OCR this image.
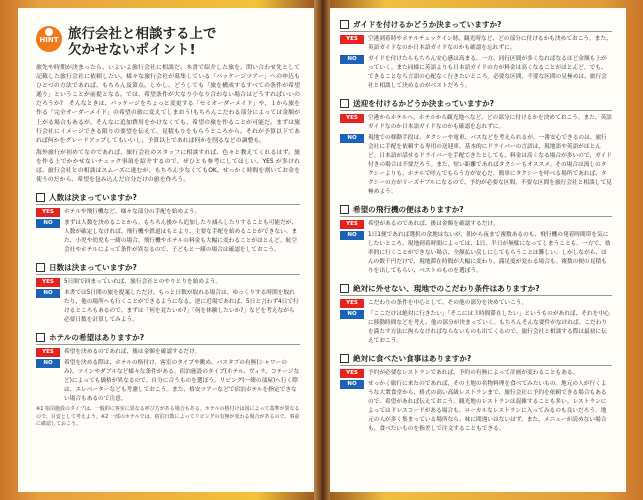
HINT 旅行会社と相談する上で
欠かせないポイント!

旅先や時期が決まったら、いよいよ旅行会社に相談だ。本書で紹介した旅を、問い合わせ先として記載した旅行会社に依頼したい。様々な旅行会社が募集している「パッケージツアー」への申込もひとつの方法であれば、もちろん及第点。しかし、どうしても「旅を構成するすべての条件が希望通り」ということが前提となる。では、希望条件が大なり小なり合わない場合はどうすればいいのだろうか?　そんなときは、パッケージをちょっと変更する「セミオーダーメイド」や、１から旅を作る「完全オーダーメイド」の希望の旅に変えてしまおう!もちろんこだわる部分によっては金額が上がる場合もあるが、そんなに追加費用をかけなくても、希望の旅を作ることが可能だ。まずは旅行会社にイメージできる限りの要望を伝えて、見積もりをもらうところから。それが予算以下であれば何かをグレードアップしてもいいし、予算以上であれば何かを削るなどの調整も。

海外旅行が初めてなのであれば、旅行会社のスタッフに相談すれば、色々と教えてくれるはず。旅を作る上でかかせないチェック事項を紹介するので、ぜひとも参考にしてほしい。YES が多ければ、旅行会社との相談はスムーズに進むが、もちろん少なくてもOK。せっかく時間を割いてお金を使うのだから、希望を包み込んだ自分だけの旅を作ろう。

人数は決まっていますか?
YES	ホテルや飛行機など、様々な部分の手配を始めよう。

NO	まずは人数を決めることから。もちろん後から追加したり減らしたりすることも可能だが、人数が確定しなければ、飛行機や鉄道はもとより、主要な手配を始めることができない。また、小児や幼児も一緒の場合、飛行機やホテルの料金も大幅に変わることがほとんど。航空会社やホテルによって条件が異なるので、子どもと一緒の場合は確認をしておこう。

日数は決まっていますか?
YES	5日間で回まっていれば、旅行会社とのやりとりを始めよう。

NO	本書では5日間の旅を提案しただけ、もっと日数が取れる場合は、ゆっくりする時間を取れたり、他の場所へも行くことができるようになる。逆に近場であれば、5日と言わず4日で行けるところもあるので、まずは「何を見たいか?」「何を体験したいか?」などを考えながら必要日数を計算してみよう。

ホテルの希望はありますか?
YES	希望を決めるのであれば、後は金額を確認するだけ。

NO	希望を決める際は、ホテルの格付け、客室のタイプや眺め、バスタブの有無(シャワーのみ)、ツインやダブルなど様々な条件がある。宿泊施設のタイプ(ホテル、ヴィラ、コテージなど)によっても価格が異なるので、自分に合うものを選ぼう。リビング(一緒の部屋)へ行く際は、エレベーターなども考慮しておこう。また、格安ツアーなどで宿泊ホテルを指定できない場合もあるので注意。

※1 宿泊施設のタイプは、一般的に客室に異なる呼び方がある場合もある。ホテルの格付けは国によって基準が異なるので、目安として考えよう。※2 一部のホテルでは、宿泊日数によってリビングの有無が変わる場合があるので、事前に確認しておこう。

ガイドを付けるかどうか決まっていますか?
YES	空港到着時やホテルチェックイン時、観光時など、どの部分に付けるかも決めておこう。また、英語ガイドなのか日本語ガイドなのかも確認を忘れずに。

NO	ガイドを付けたらもちろん安心感は高まる。一方、同行区間が多くなればなるほど金額も上がっていく。また同様に英語よりも日本語ガイドの方が料金は高くなることがほとんど。でも、できることなら言語の心配なく行きたいところ。必要な区間、不要な区間の見極めは、旅行会社と相談して決めるのがベストだろう。

送迎を付けるかどうか決まっていますか?
YES	空港からホテルへ、ホテルから観光地へなど、どの部分に付けるかを決めておこう。また、英語ガイドなのか日本語ガイドなのかも確認を忘れずに。

NO	現地での移動手段は、タクシーや電車、バスなどを考えられるが、一番安心できるのは、旅行会社に手配を依頼する専用の送迎車。基本的にドライバーの言語は、現地語や英語がほとんど。日本語が話せるドライバーを手配できたとしても、料金は高くなる場合が多いので、ガイド付きの場合は不要だろう。また、短い距離であればタクシーもオススメ。その場合は流しのタクシーよりも、ホテルで呼んでもらう方が安心だ。簡単にタクシーを呼べる場所であれば、タクシーの方がリーズナブルになるので、予約が必要な区間、不要な区間を旅行会社と相談して見極めよう。

希望の飛行機の便はありますか?
YES	希望があるのであれば、後は金額を確認するだけ。

NO	1日1便であれば選択の余地はないが、朝から夜まで複数あるのも、飛行機の発着時間帯を気にしたいところ。現地到着時間によっては、1日、半日が無駄になってしまうことも。一方で、効率的に行くことができない場合、全額払い戻しにしてもらうことは難しい。しかしながら、ほんの数千円だけで、現地滞在時間が大幅に変わり、満足度が変わる場合も。複数の便の見積もりを出してもらい、ベストのものを選ぼう。

絶対に外せない、現地でのこだわり条件はありますか?
YES	こだわりの条件を中心として、その他の部分を決めていこう。

NO	「ここだけは絶対に行きたい」「そこには３時間滞在したい」というものがあれば、それを中心に移動時間などを考え、他の部分が決まっていく。もちろんそんな要件がなければ、こだわりを満たす方法に拘らなければならないものも出てくるので、旅行会社と相談する際は最初に伝えておこう。

絶対に食べたい食事はありますか?
YES	予約が必要なレストランであれば、予約の有無によって計画が変わることもある。

NO	せっかく旅行に来たのであれば、その土地の名物料理を食べてみたいもの。地元の人が行くような大衆食堂から、格式の高い高級レストランまで、旅行会社に予約を依頼できる場合もあるので、希望があれば伝えておこう。観光地のレストランは混雑することも多い。レストランによってはドレスコードがある場合も。ローカルなレストランに入ってみるのも良いだろう。地元の人が多く集まっている場所なら、味に間違いはないはず。また、メニューが読めない場合も、食べたいものを指差しで注文することもできる。
